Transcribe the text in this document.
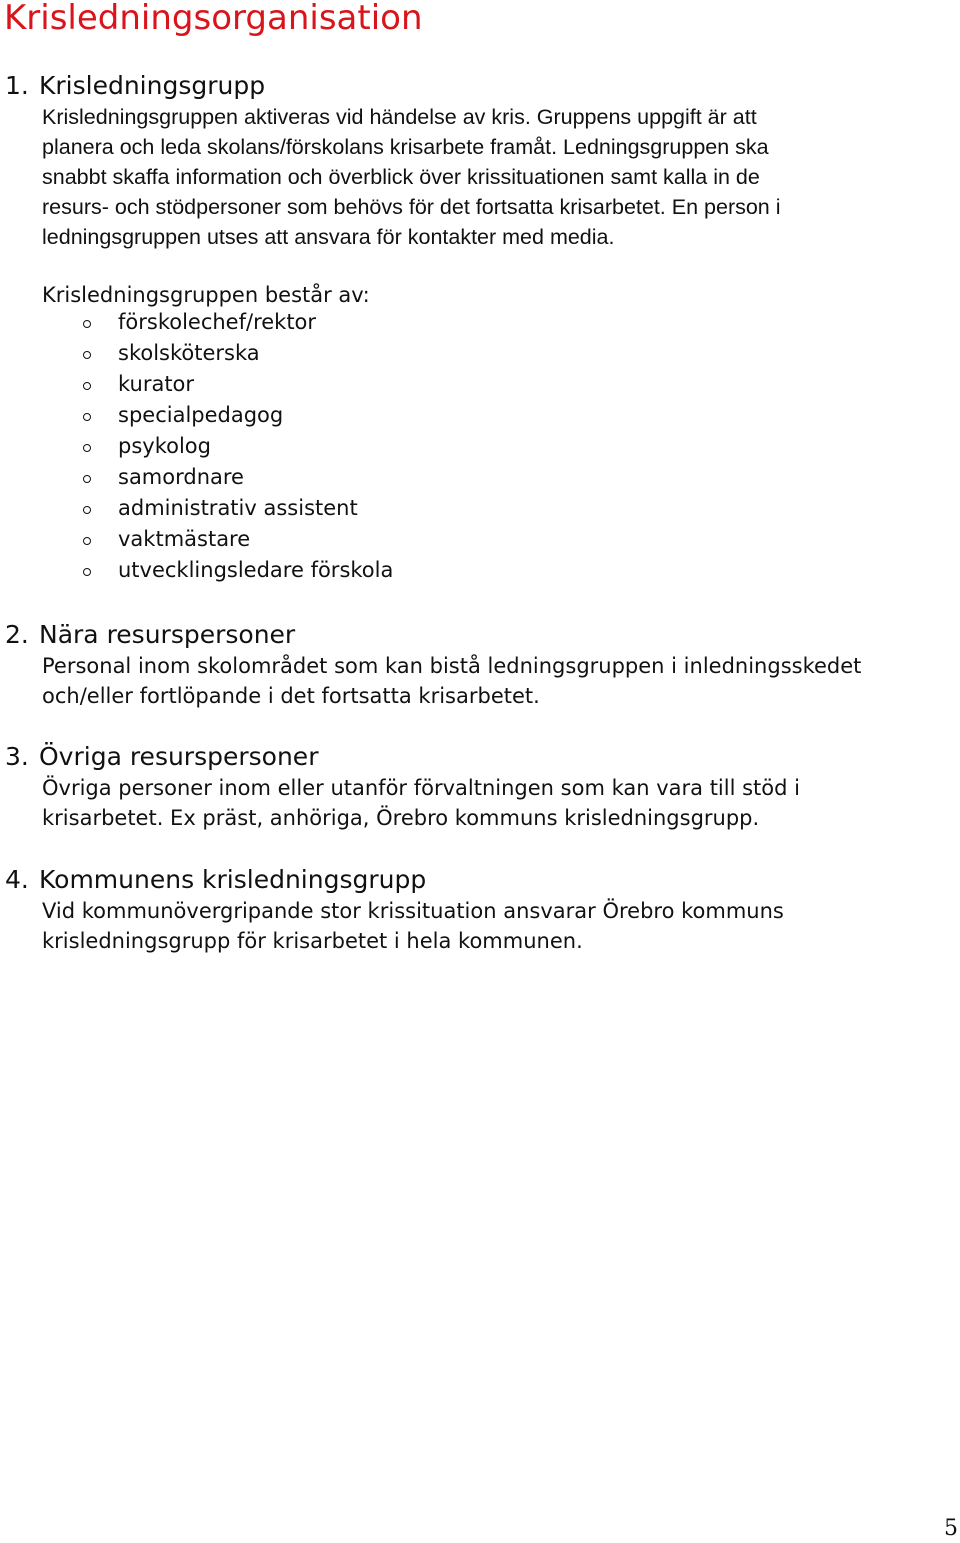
Krisledningsorganisation
1. Krisledningsgrupp

Krisledningsgruppen aktiveras vid händelse av kris. Gruppens uppgift är att
planera och leda skolans/förskolans krisarbete framåt. Ledningsgruppen ska
snabbt skaffa information och överblick över krissituationen samt kalla in de
resurs- och stödpersoner som behövs för det fortsatta krisarbetet. En person i
ledningsgruppen utses att ansvara för kontakter med media.

Krisledningsgruppen består av:

förskolechef/rektor
skolsköterska
kurator
specialpedagog
psykolog
samordnare
administrativ assistent
vaktmästare
utvecklingsledare förskola
2. Nära resurspersoner

Personal inom skolområdet som kan bistå ledningsgruppen i inledningsskedet
och/eller fortlöpande i det fortsatta krisarbetet.

3. Övriga resurspersoner

Övriga personer inom eller utanför förvaltningen som kan vara till stöd i
krisarbetet. Ex präst, anhöriga, Örebro kommuns krisledningsgrupp.

4. Kommunens krisledningsgrupp

Vid kommunövergripande stor krissituation ansvarar Örebro kommuns
krisledningsgrupp för krisarbetet i hela kommunen.

5
